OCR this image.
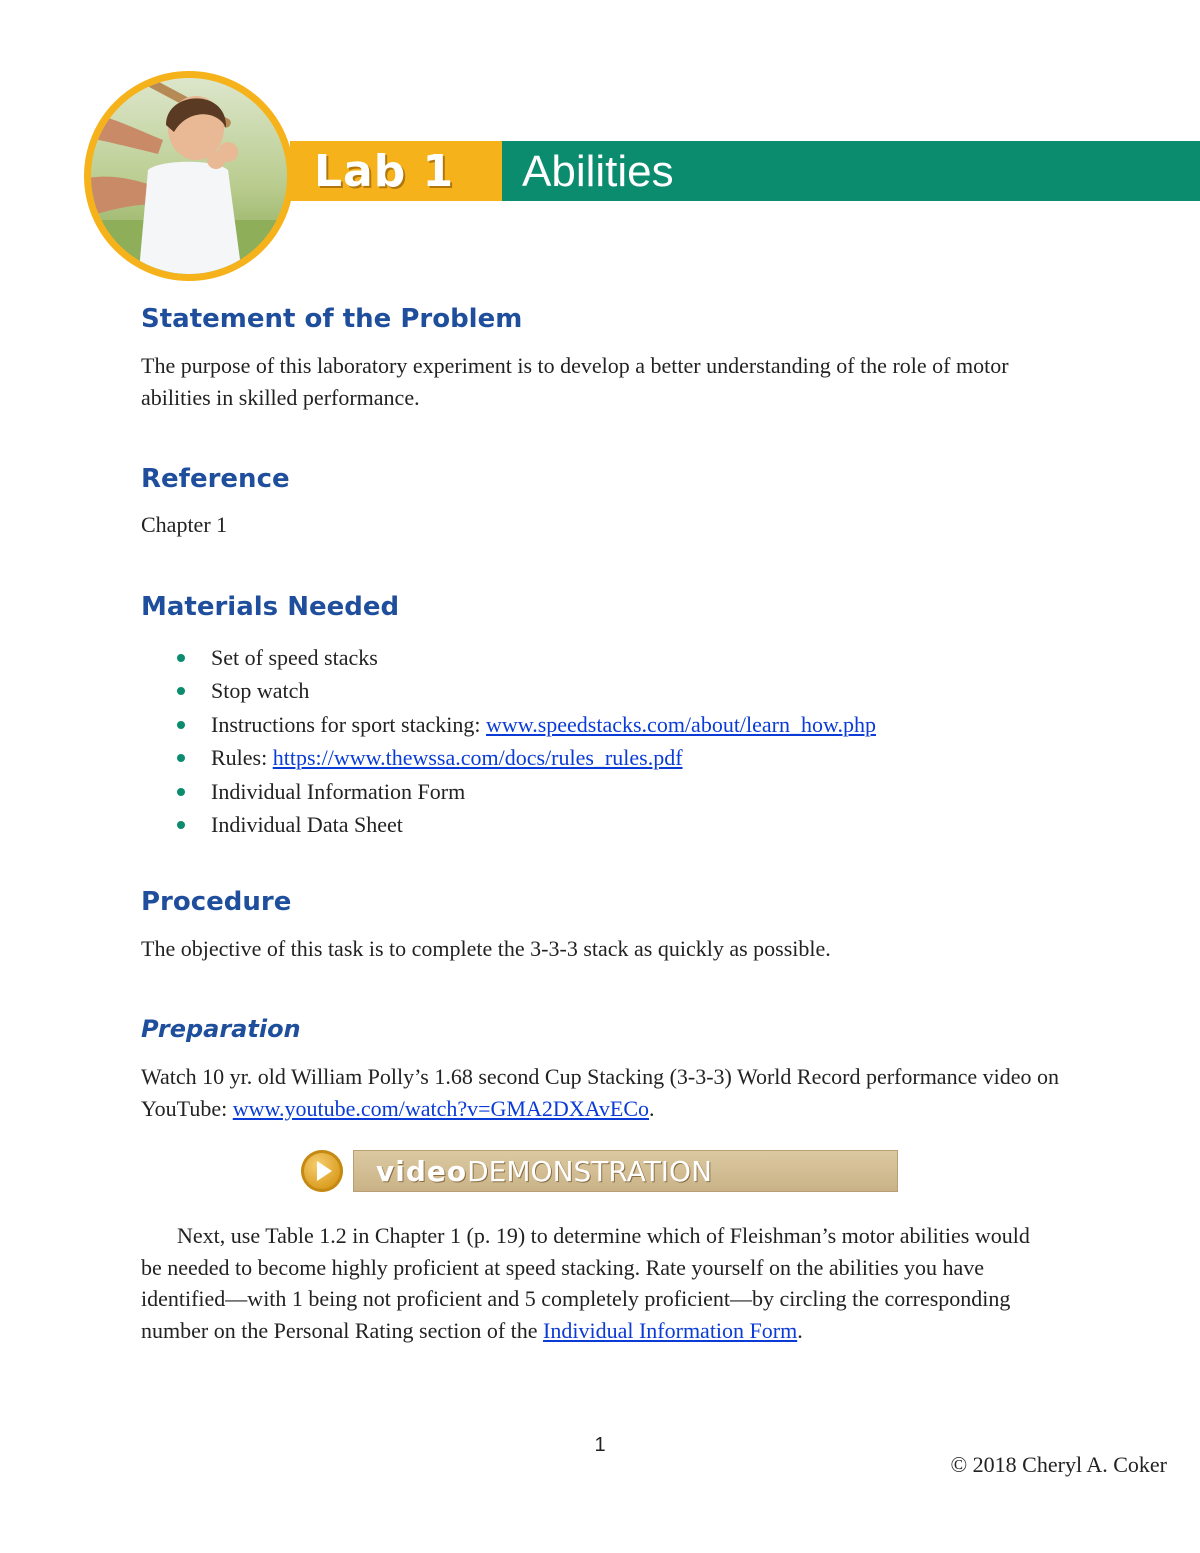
Lab 1 Abilities
Statement of the Problem

The purpose of this laboratory experiment is to develop a better understanding of the role of motor abilities in skilled performance.

Reference

Chapter 1

Materials Needed
Set of speed stacks
Stop watch
Instructions for sport stacking: www.speedstacks.com/about/learn_how.php
Rules: https://www.thewssa.com/docs/rules_rules.pdf
Individual Information Form
Individual Data Sheet
Procedure

The objective of this task is to complete the 3-3-3 stack as quickly as possible.

Preparation

Watch 10 yr. old William Polly’s 1.68 second Cup Stacking (3-3-3) World Record performance video on YouTube: www.youtube.com/watch?v=GMA2DXAvECo.

video DEMONSTRATION

Next, use Table 1.2 in Chapter 1 (p. 19) to determine which of Fleishman’s motor abilities would be needed to become highly proficient at speed stacking. Rate yourself on the abilities you have identified—with 1 being not proficient and 5 completely proficient—by circling the corresponding number on the Personal Rating section of the Individual Information Form.

1
© 2018 Cheryl A. Coker
